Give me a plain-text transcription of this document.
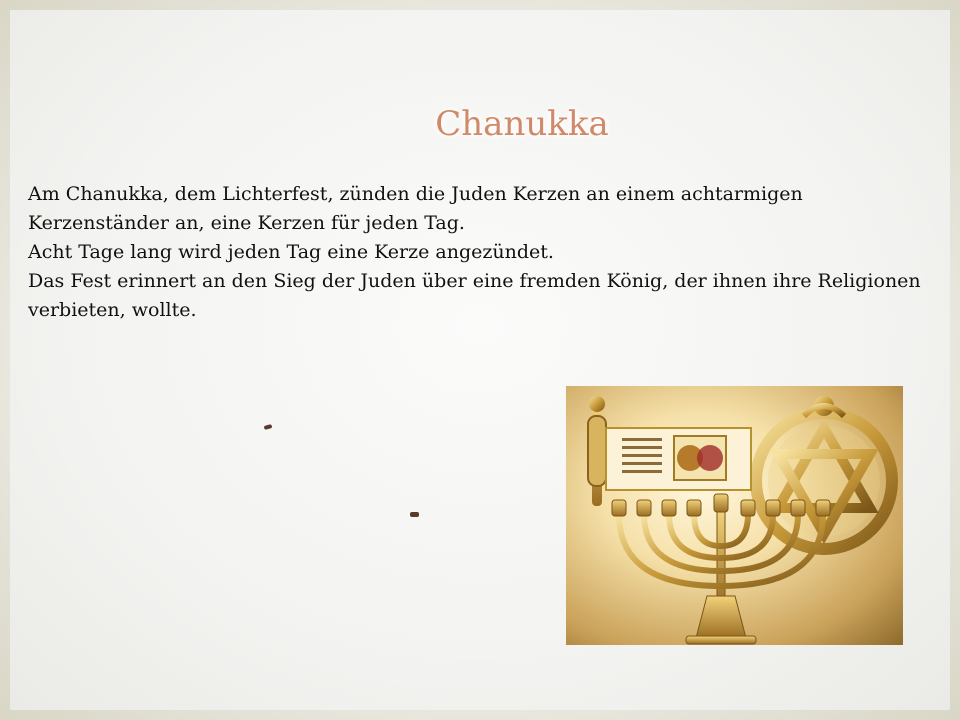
Chanukka

Am Chanukka, dem Lichterfest, zünden die Juden Kerzen an einem achtarmigen Kerzenständer an, eine Kerzen für jeden Tag.

Acht Tage lang wird jeden Tag eine Kerze angezündet.

Das Fest erinnert an den Sieg der Juden über eine fremden König, der ihnen ihre Religionen verbieten, wollte.
